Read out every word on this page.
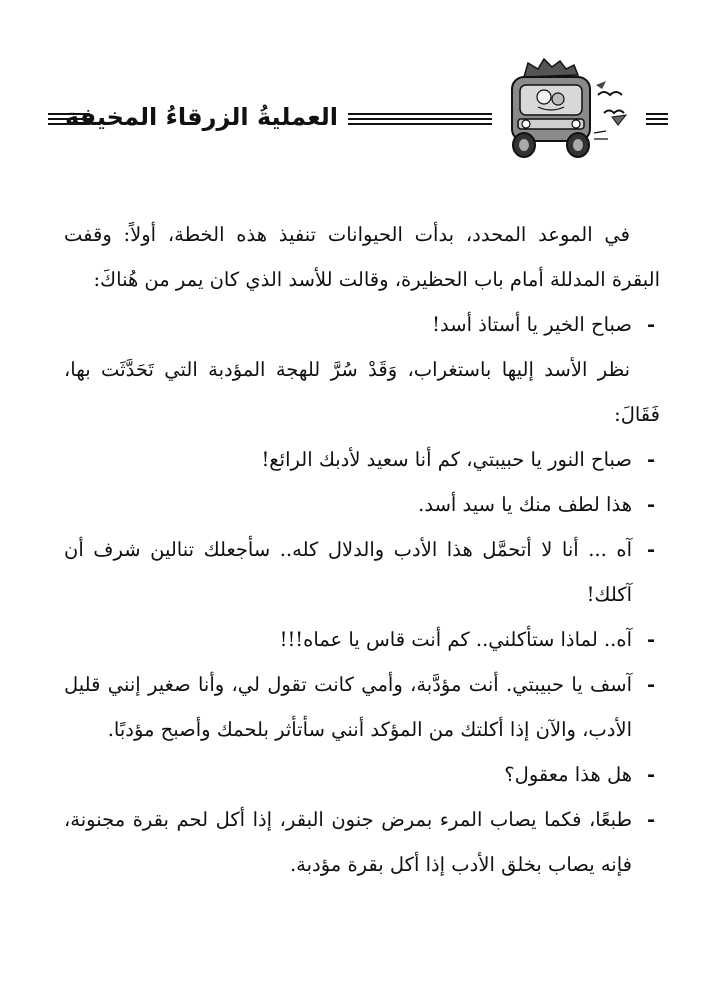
العمليةُ الزرقاءُ المخيفة

في الموعد المحدد، بدأت الحيوانات تنفيذ هذه الخطة، أولاً: وقفت البقرة المدللة أمام باب الحظيرة، وقالت للأسد الذي كان يمر من هُناكَ:

-
صباح الخير يا أستاذ أسد!

نظر الأسد إليها باستغراب، وَقَدْ سُرَّ للهجة المؤدبة التي تَحَدَّثَت بها، فَقَالَ:

-
صباح النور يا حبيبتي، كم أنا سعيد لأدبك الرائع!

-
هذا لطف منك يا سيد أسد.

-
آه ... أنا لا أتحمَّل هذا الأدب والدلال كله.. سأجعلك تنالين شرف أن آكلك!

-
آه.. لماذا ستأكلني.. كم أنت قاس يا عماه!!!

-
آسف يا حبيبتي. أنت مؤدَّبة، وأمي كانت تقول لي، وأنا صغير إنني قليل الأدب، والآن إذا أكلتك من المؤكد أنني سأتأثر بلحمك وأصبح مؤدبًا.

-
هل هذا معقول؟

-
طبعًا، فكما يصاب المرء بمرض جنون البقر، إذا أكل لحم بقرة مجنونة، فإنه يصاب بخلق الأدب إذا أكل بقرة مؤدبة.
